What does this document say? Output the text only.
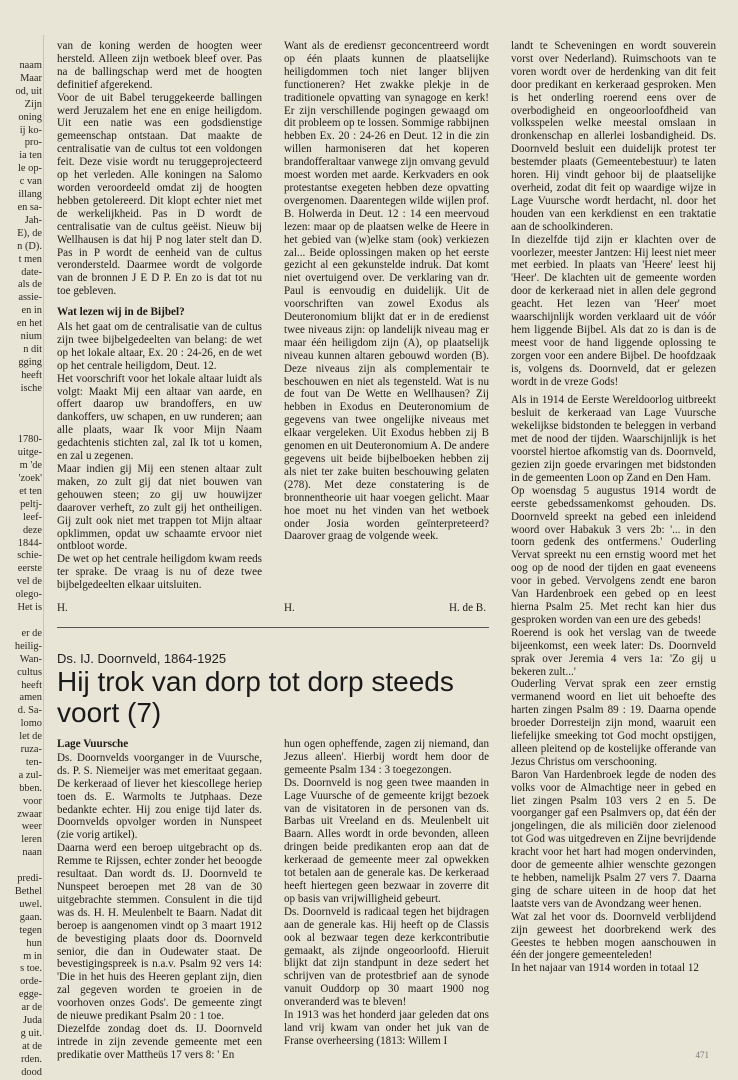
naam
Maar
od, uit
Zijn
oning
ij ko-
pro-
ia ten
le op-
c van
illang
en sa-
Jah-
E), de
n (D).
t men
date-
als de
assie-
en in
en het
nium
n dit
gging
heeft
ische

1780-
uitge-
m 'de
'zoek'
et ten
peltj-
leef-
deze
1844-
schie-
eerste
vel de
olego-
Het is

er de
heilig-
Wan-
cultus
heeft
amen
d. Sa-
lomo
let de
ruza-
ten-
a zul-
bben.
voor
zwaar
weer
leren
naan

predi-
Bethel
uwel.
gaan.
tegen
hun
m in
s toe.
orde-
egge-
ar de
Juda
g uit.
at de
rden.
dood

van de koning werden de hoogten weer hersteld. Alleen zijn wetboek bleef over. Pas na de ballingschap werd met de hoogten definitief afgerekend.

Voor de uit Babel teruggekeerde ballingen werd Jeruzalem het ene en enige heiligdom. Uit een natie was een godsdienstige gemeenschap ontstaan. Dat maakte de centralisatie van de cultus tot een voldongen feit. Deze visie wordt nu teruggeprojecteerd op het verleden. Alle koningen na Salomo worden veroordeeld omdat zij de hoogten hebben getolereerd. Dit klopt echter niet met de werkelijkheid. Pas in D wordt de centralisatie van de cultus geëist. Nieuw bij Wellhausen is dat hij P nog later stelt dan D. Pas in P wordt de eenheid van de cultus verondersteld. Daarmee wordt de volgorde van de bronnen J E D P. En zo is dat tot nu toe gebleven.

Wat lezen wij in de Bijbel?

Als het gaat om de centralisatie van de cultus zijn twee bijbelgedeelten van belang: de wet op het lokale altaar, Ex. 20 : 24-26, en de wet op het centrale heiligdom, Deut. 12.

Het voorschrift voor het lokale altaar luidt als volgt: Maakt Mij een altaar van aarde, en offert daarop uw brandoffers, en uw dankoffers, uw schapen, en uw runderen; aan alle plaats, waar Ik voor Mijn Naam gedachtenis stichten zal, zal Ik tot u komen, en zal u zegenen.

Maar indien gij Mij een stenen altaar zult maken, zo zult gij dat niet bouwen van gehouwen steen; zo gij uw houwijzer daarover verheft, zo zult gij het ontheiligen. Gij zult ook niet met trappen tot Mijn altaar opklimmen, opdat uw schaamte ervoor niet ontbloot worde.

De wet op het centrale heiligdom kwam reeds ter sprake. De vraag is nu of deze twee bijbelgedeelten elkaar uitsluiten.

H.

Want als de erediensт geconcentreerd wordt op één plaats kunnen de plaatselijke heiligdommen toch niet langer blijven functioneren? Het zwakke plekje in de traditionele opvatting van synagoge en kerk! Er zijn verschillende pogingen gewaagd om dit probleem op te lossen. Sommige rabbijnen hebben Ex. 20 : 24-26 en Deut. 12 in die zin willen harmoniseren dat het koperen brandofferaltaar vanwege zijn omvang gevuld moest worden met aarde. Kerkvaders en ook protestantse exegeten hebben deze opvatting overgenomen. Daarentegen wilde wijlen prof. B. Holwerda in Deut. 12 : 14 een meervoud lezen: maar op de plaatsen welke de Heere in het gebied van (w)elke stam (ook) verkiezen zal... Beide oplossingen maken op het eerste gezicht al een gekunstelde indruk. Dat komt niet overtuigend over. De verklaring van dr. Paul is eenvoudig en duidelijk. Uit de voorschriften van zowel Exodus als Deuteronomium blijkt dat er in de eredienst twee niveaus zijn: op landelijk niveau mag er maar één heiligdom zijn (A), op plaatselijk niveau kunnen altaren gebouwd worden (B). Deze niveaus zijn als complementair te beschouwen en niet als tegensteld. Wat is nu de fout van De Wette en Wellhausen? Zij hebben in Exodus en Deuteronomium de gegevens van twee ongelijke niveaus met elkaar vergeleken. Uit Exodus hebben zij B genomen en uit Deuteronomium A. De andere gegevens uit beide bijbelboeken hebben zij als niet ter zake buiten beschouwing gelaten (278). Met deze constatering is de bronnentheorie uit haar voegen gelicht. Maar hoe moet nu het vinden van het wetboek onder Josia worden geïnterpreteerd? Daarover graag de volgende week.

H.	H. de B.

landt te Scheveningen en wordt souverein vorst over Nederland). Ruimschoots van te voren wordt over de herdenking van dit feit door predikant en kerkeraad gesproken. Men is het onderling roerend eens over de overbodigheid en ongeoorloofdheid van volksspelen welke meestal omslaan in dronkenschap en allerlei losbandigheid. Ds. Doornveld besluit een duidelijk protest ter bestemder plaats (Gemeentebestuur) te laten horen. Hij vindt gehoor bij de plaatselijke overheid, zodat dit feit op waardige wijze in Lage Vuursche wordt herdacht, nl. door het houden van een kerkdienst en een traktatie aan de schoolkinderen.

In diezelfde tijd zijn er klachten over de voorlezer, meester Jantzen: Hij leest niet meer met eerbied. In plaats van 'Heere' leest hij 'Heer'. De klachten uit de gemeente worden door de kerkeraad niet in allen dele gegrond geacht. Het lezen van 'Heer' moet waarschijnlijk worden verklaard uit de vóór hem liggende Bijbel. Als dat zo is dan is de meest voor de hand liggende oplossing te zorgen voor een andere Bijbel. De hoofdzaak is, volgens ds. Doornveld, dat er gelezen wordt in de vreze Gods!

Als in 1914 de Eerste Wereldoorlog uitbreekt besluit de kerkeraad van Lage Vuursche wekelijkse bidstonden te beleggen in verband met de nood der tijden. Waarschijnlijk is het voorstel hiertoe afkomstig van ds. Doornveld, gezien zijn goede ervaringen met bidstonden in de gemeenten Loon op Zand en Den Ham.

Op woensdag 5 augustus 1914 wordt de eerste gebedssamenkomst gehouden. Ds. Doornveld spreekt na gebed een inleidend woord over Habakuk 3 vers 2b: '... in den toorn gedenk des ontfermens.' Ouderling Vervat spreekt nu een ernstig woord met het oog op de nood der tijden en gaat eveneens voor in gebed. Vervolgens zendt ene baron Van Hardenbroek een gebed op en leest hierna Psalm 25. Met recht kan hier dus gesproken worden van een ure des gebeds!

Roerend is ook het verslag van de tweede bijeenkomst, een week later: Ds. Doornveld sprak over Jeremia 4 vers 1a: 'Zo gij u bekeren zult...'

Ouderling Vervat sprak een zeer ernstig vermanend woord en liet uit behoefte des harten zingen Psalm 89 : 19. Daarna opende broeder Dorresteijn zijn mond, waaruit een liefelijke smeeking tot God mocht opstijgen, alleen pleitend op de kostelijke offerande van Jezus Christus om verschooning.

Baron Van Hardenbroek legde de noden des volks voor de Almachtige neer in gebed en liet zingen Psalm 103 vers 2 en 5. De voorganger gaf een Psalmvers op, dat één der jongelingen, die als miliciën door zielenood tot God was uitgedreven en Zijne bevrijdende kracht voor het hart had mogen ondervinden, door de gemeente alhier wenschte gezongen te hebben, namelijk Psalm 27 vers 7. Daarna ging de schare uiteen in de hoop dat het laatste vers van de Avondzang weer henen.

Wat zal het voor ds. Doornveld verblijdend zijn geweest het doorbrekend werk des Geestes te hebben mogen aanschouwen in één der jongere gemeenteleden!

In het najaar van 1914 worden in totaal 12

Ds. IJ. Doornveld, 1864-1925
Hij trok van dorp tot dorp steeds voort (7)
Lage Vuursche

Ds. Doornvelds voorganger in de Vuursche, ds. P. S. Niemeijer was met emeritaat gegaan. De kerkeraad of liever het kiescollege heriep toen ds. E. Warmolts te Jutphaas. Deze bedankte echter. Hij zou enige tijd later ds. Doornvelds opvolger worden in Nunspeet (zie vorig artikel).

Daarna werd een beroep uitgebracht op ds. Remme te Rijssen, echter zonder het beoogde resultaat. Dan wordt ds. IJ. Doornveld te Nunspeet beroepen met 28 van de 30 uitgebrachte stemmen. Consulent in die tijd was ds. H. H. Meulenbelt te Baarn. Nadat dit beroep is aangenomen vindt op 3 maart 1912 de bevestiging plaats door ds. Doornveld senior, die dan in Oudewater staat. De bevestigingspreek is n.a.v. Psalm 92 vers 14: 'Die in het huis des Heeren geplant zijn, dien zal gegeven worden te groeien in de voorhoven onzes Gods'. De gemeente zingt de nieuwe predikant Psalm 20 : 1 toe.

Diezelfde zondag doet ds. IJ. Doornveld intrede in zijn zevende gemeente met een predikatie over Mattheüs 17 vers 8: ' En

hun ogen opheffende, zagen zij niemand, dan Jezus alleen'. Hierbij wordt hem door de gemeente Psalm 134 : 3 toegezongen.

Ds. Doornveld is nog geen twee maanden in Lage Vuursche of de gemeente krijgt bezoek van de visitatoren in de personen van ds. Barbas uit Vreeland en ds. Meulenbelt uit Baarn. Alles wordt in orde bevonden, alleen dringen beide predikanten erop aan dat de kerkeraad de gemeente meer zal opwekken tot betalen aan de generale kas. De kerkeraad heeft hiertegen geen bezwaar in zoverre dit op basis van vrijwilligheid gebeurt.

Ds. Doornveld is radicaal tegen het bijdragen aan de generale kas. Hij heeft op de Classis ook al bezwaar tegen deze kerkcontributie gemaakt, als zijnde ongeoorloofd. Hieruit blijkt dat zijn standpunt in deze sedert het schrijven van de protestbrief aan de synode vanuit Ouddorp op 30 maart 1900 nog onveranderd was te bleven!

In 1913 was het honderd jaar geleden dat ons land vrij kwam van onder het juk van de Franse overheersing (1813: Willem I

471
